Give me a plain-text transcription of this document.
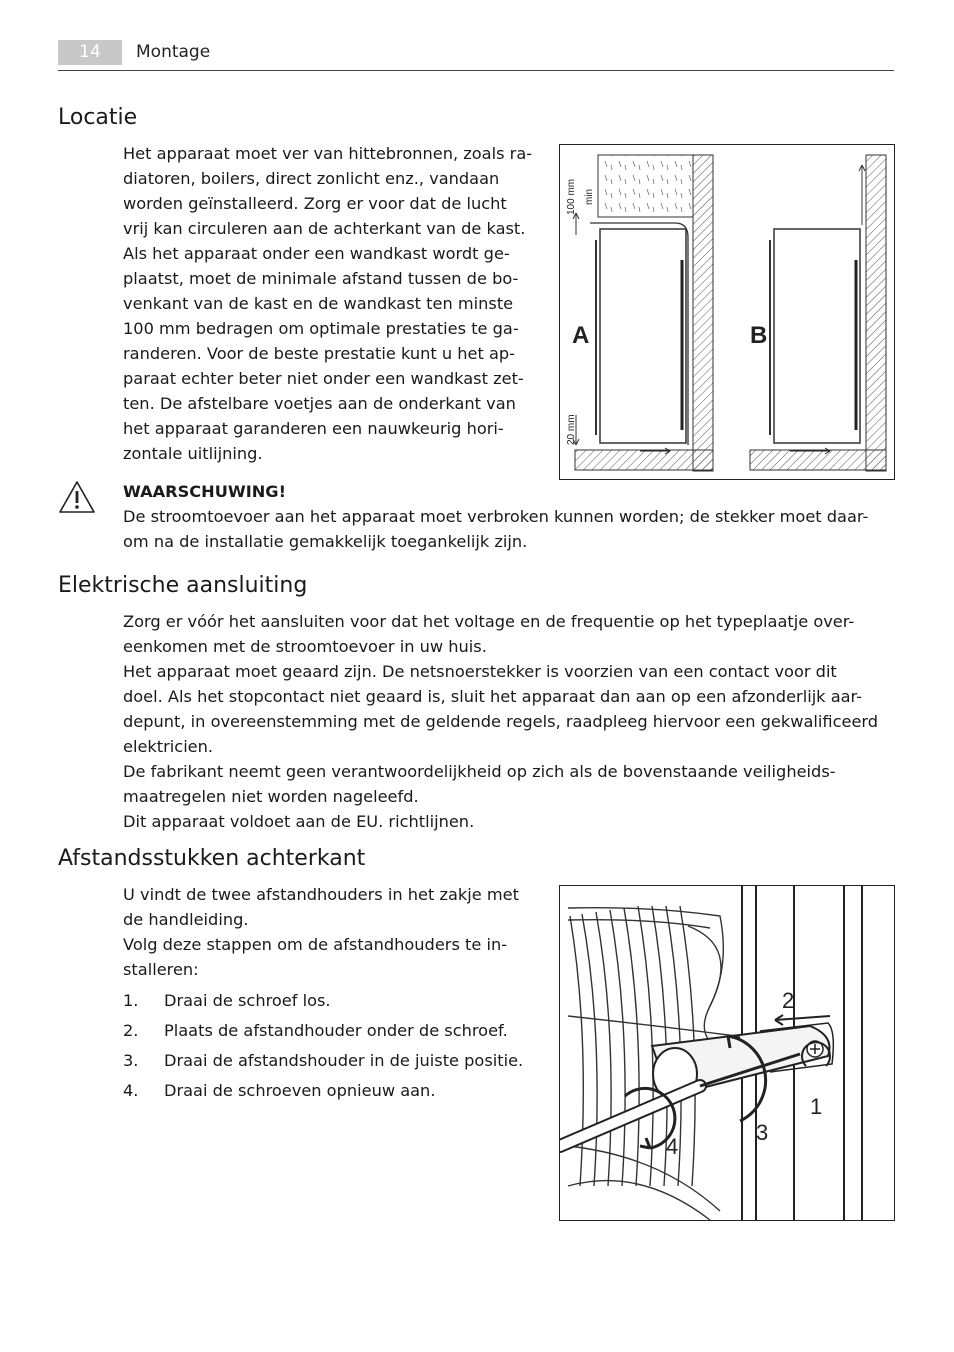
14	Montage
Locatie

Het apparaat moet ver van hittebronnen, zoals ra-
diatoren, boilers, direct zonlicht enz., vandaan
worden geïnstalleerd. Zorg er voor dat de lucht
vrij kan circuleren aan de achterkant van de kast.
Als het apparaat onder een wandkast wordt ge-
plaatst, moet de minimale afstand tussen de bo-
venkant van de kast en de wandkast ten minste
100 mm bedragen om optimale prestaties te ga-
randeren. Voor de beste prestatie kunt u het ap-
paraat echter beter niet onder een wandkast zet-
ten. De afstelbare voetjes aan de onderkant van
het apparaat garanderen een nauwkeurig hori-
zontale uitlijning.

A
100 mm min
20 mm
B
WAARSCHUWING!

De stroomtoevoer aan het apparaat moet verbroken kunnen worden; de stekker moet daar-
om na de installatie gemakkelijk toegankelijk zijn.

Elektrische aansluiting

Zorg er vóór het aansluiten voor dat het voltage en de frequentie op het typeplaatje over-
eenkomen met de stroomtoevoer in uw huis.
Het apparaat moet geaard zijn. De netsnoerstekker is voorzien van een contact voor dit
doel. Als het stopcontact niet geaard is, sluit het apparaat dan aan op een afzonderlijk aar-
depunt, in overeenstemming met de geldende regels, raadpleeg hiervoor een gekwalificeerd
elektricien.
De fabrikant neemt geen verantwoordelijkheid op zich als de bovenstaande veiligheids-
maatregelen niet worden nageleefd.
Dit apparaat voldoet aan de EU. richtlijnen.

Afstandsstukken achterkant

U vindt de twee afstandhouders in het zakje met
de handleiding.
Volg deze stappen om de afstandhouders te in-
stalleren:

1. Draai de schroef los.
2. Plaats de afstandhouder onder de schroef.
3. Draai de afstandshouder in de juiste positie.
4. Draai de schroeven opnieuw aan.
2
1
3
4
